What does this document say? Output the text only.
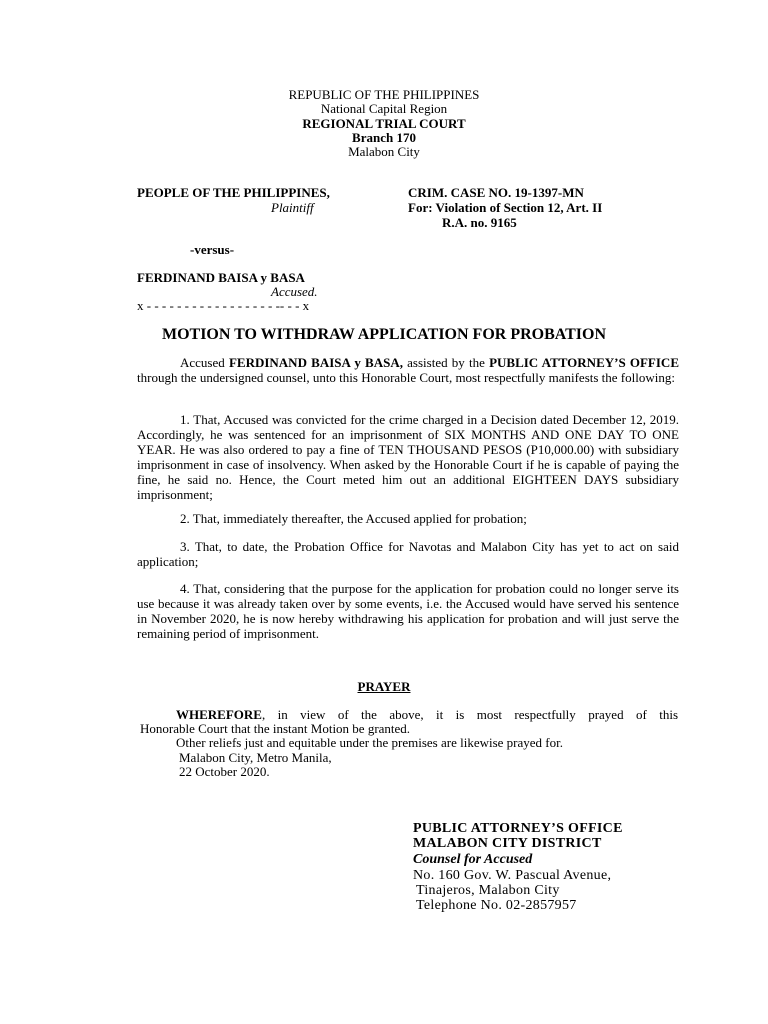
REPUBLIC OF THE PHILIPPINES
National Capital Region
REGIONAL TRIAL COURT
Branch 170
Malabon City
PEOPLE OF THE PHILIPPINES,
Plaintiff
CRIM. CASE NO. 19-1397-MN
For: Violation of Section 12, Art. II
R.A. no. 9165
-versus-
FERDINAND BAISA y BASA
Accused.
x - - - - - - - - - - - - - - - - - -- - - x
MOTION TO WITHDRAW APPLICATION FOR PROBATION
Accused FERDINAND BAISA y BASA, assisted by the PUBLIC ATTORNEY’S OFFICE through the undersigned counsel, unto this Honorable Court, most respectfully manifests the following:
1. That, Accused was convicted for the crime charged in a Decision dated December 12, 2019. Accordingly, he was sentenced for an imprisonment of SIX MONTHS AND ONE DAY TO ONE YEAR. He was also ordered to pay a fine of TEN THOUSAND PESOS (P10,000.00) with subsidiary imprisonment in case of insolvency. When asked by the Honorable Court if he is capable of paying the fine, he said no. Hence, the Court meted him out an additional EIGHTEEN DAYS subsidiary imprisonment;
2. That, immediately thereafter, the Accused applied for probation;
3. That, to date, the Probation Office for Navotas and Malabon City has yet to act on said application;
4. That, considering that the purpose for the application for probation could no longer serve its use because it was already taken over by some events, i.e. the Accused would have served his sentence in November 2020, he is now hereby withdrawing his application for probation and will just serve the remaining period of imprisonment.
PRAYER
WHEREFORE, in view of the above, it is most respectfully prayed of this
Honorable Court that the instant Motion be granted.
Other reliefs just and equitable under the premises are likewise prayed for.
Malabon City, Metro Manila,
22 October 2020.
PUBLIC ATTORNEY’S OFFICE
MALABON CITY DISTRICT
Counsel for Accused
No. 160 Gov. W. Pascual Avenue,
Tinajeros, Malabon City
Telephone No. 02-2857957
